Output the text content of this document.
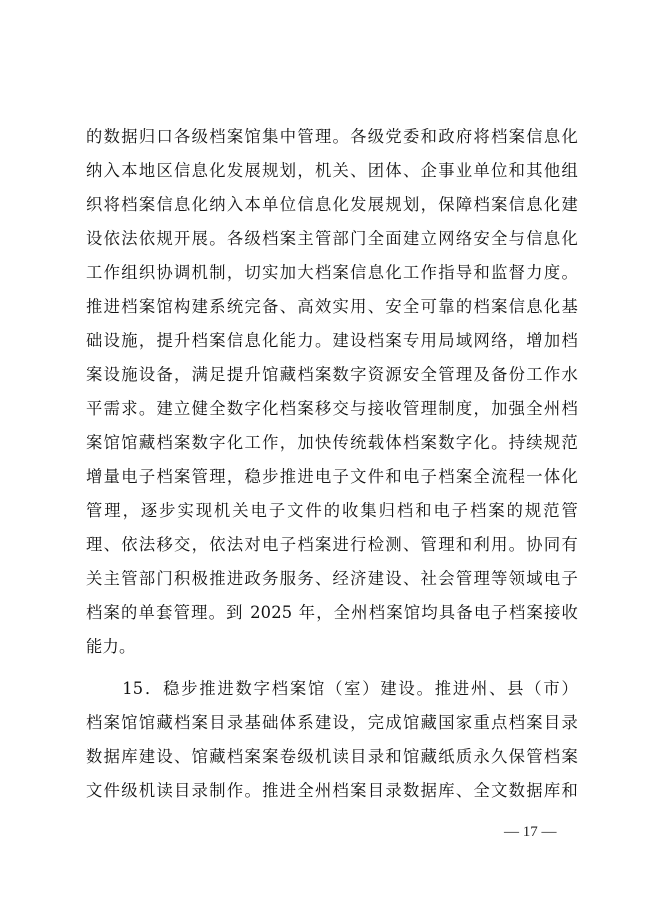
的数据归口各级档案馆集中管理。各级党委和政府将档案信息化
纳入本地区信息化发展规划，机关、团体、企事业单位和其他组
织将档案信息化纳入本单位信息化发展规划，保障档案信息化建
设依法依规开展。各级档案主管部门全面建立网络安全与信息化
工作组织协调机制，切实加大档案信息化工作指导和监督力度。
推进档案馆构建系统完备、高效实用、安全可靠的档案信息化基
础设施，提升档案信息化能力。建设档案专用局域网络，增加档
案设施设备，满足提升馆藏档案数字资源安全管理及备份工作水
平需求。建立健全数字化档案移交与接收管理制度，加强全州档
案馆馆藏档案数字化工作，加快传统载体档案数字化。持续规范
增量电子档案管理，稳步推进电子文件和电子档案全流程一体化
管理，逐步实现机关电子文件的收集归档和电子档案的规范管
理、依法移交，依法对电子档案进行检测、管理和利用。协同有
关主管部门积极推进政务服务、经济建设、社会管理等领域电子
档案的单套管理。到 2025 年，全州档案馆均具备电子档案接收
能力。
　　15．稳步推进数字档案馆（室）建设。推进州、县（市）
档案馆馆藏档案目录基础体系建设，完成馆藏国家重点档案目录
数据库建设、馆藏档案案卷级机读目录和馆藏纸质永久保管档案
文件级机读目录制作。推进全州档案目录数据库、全文数据库和
— 17 —
